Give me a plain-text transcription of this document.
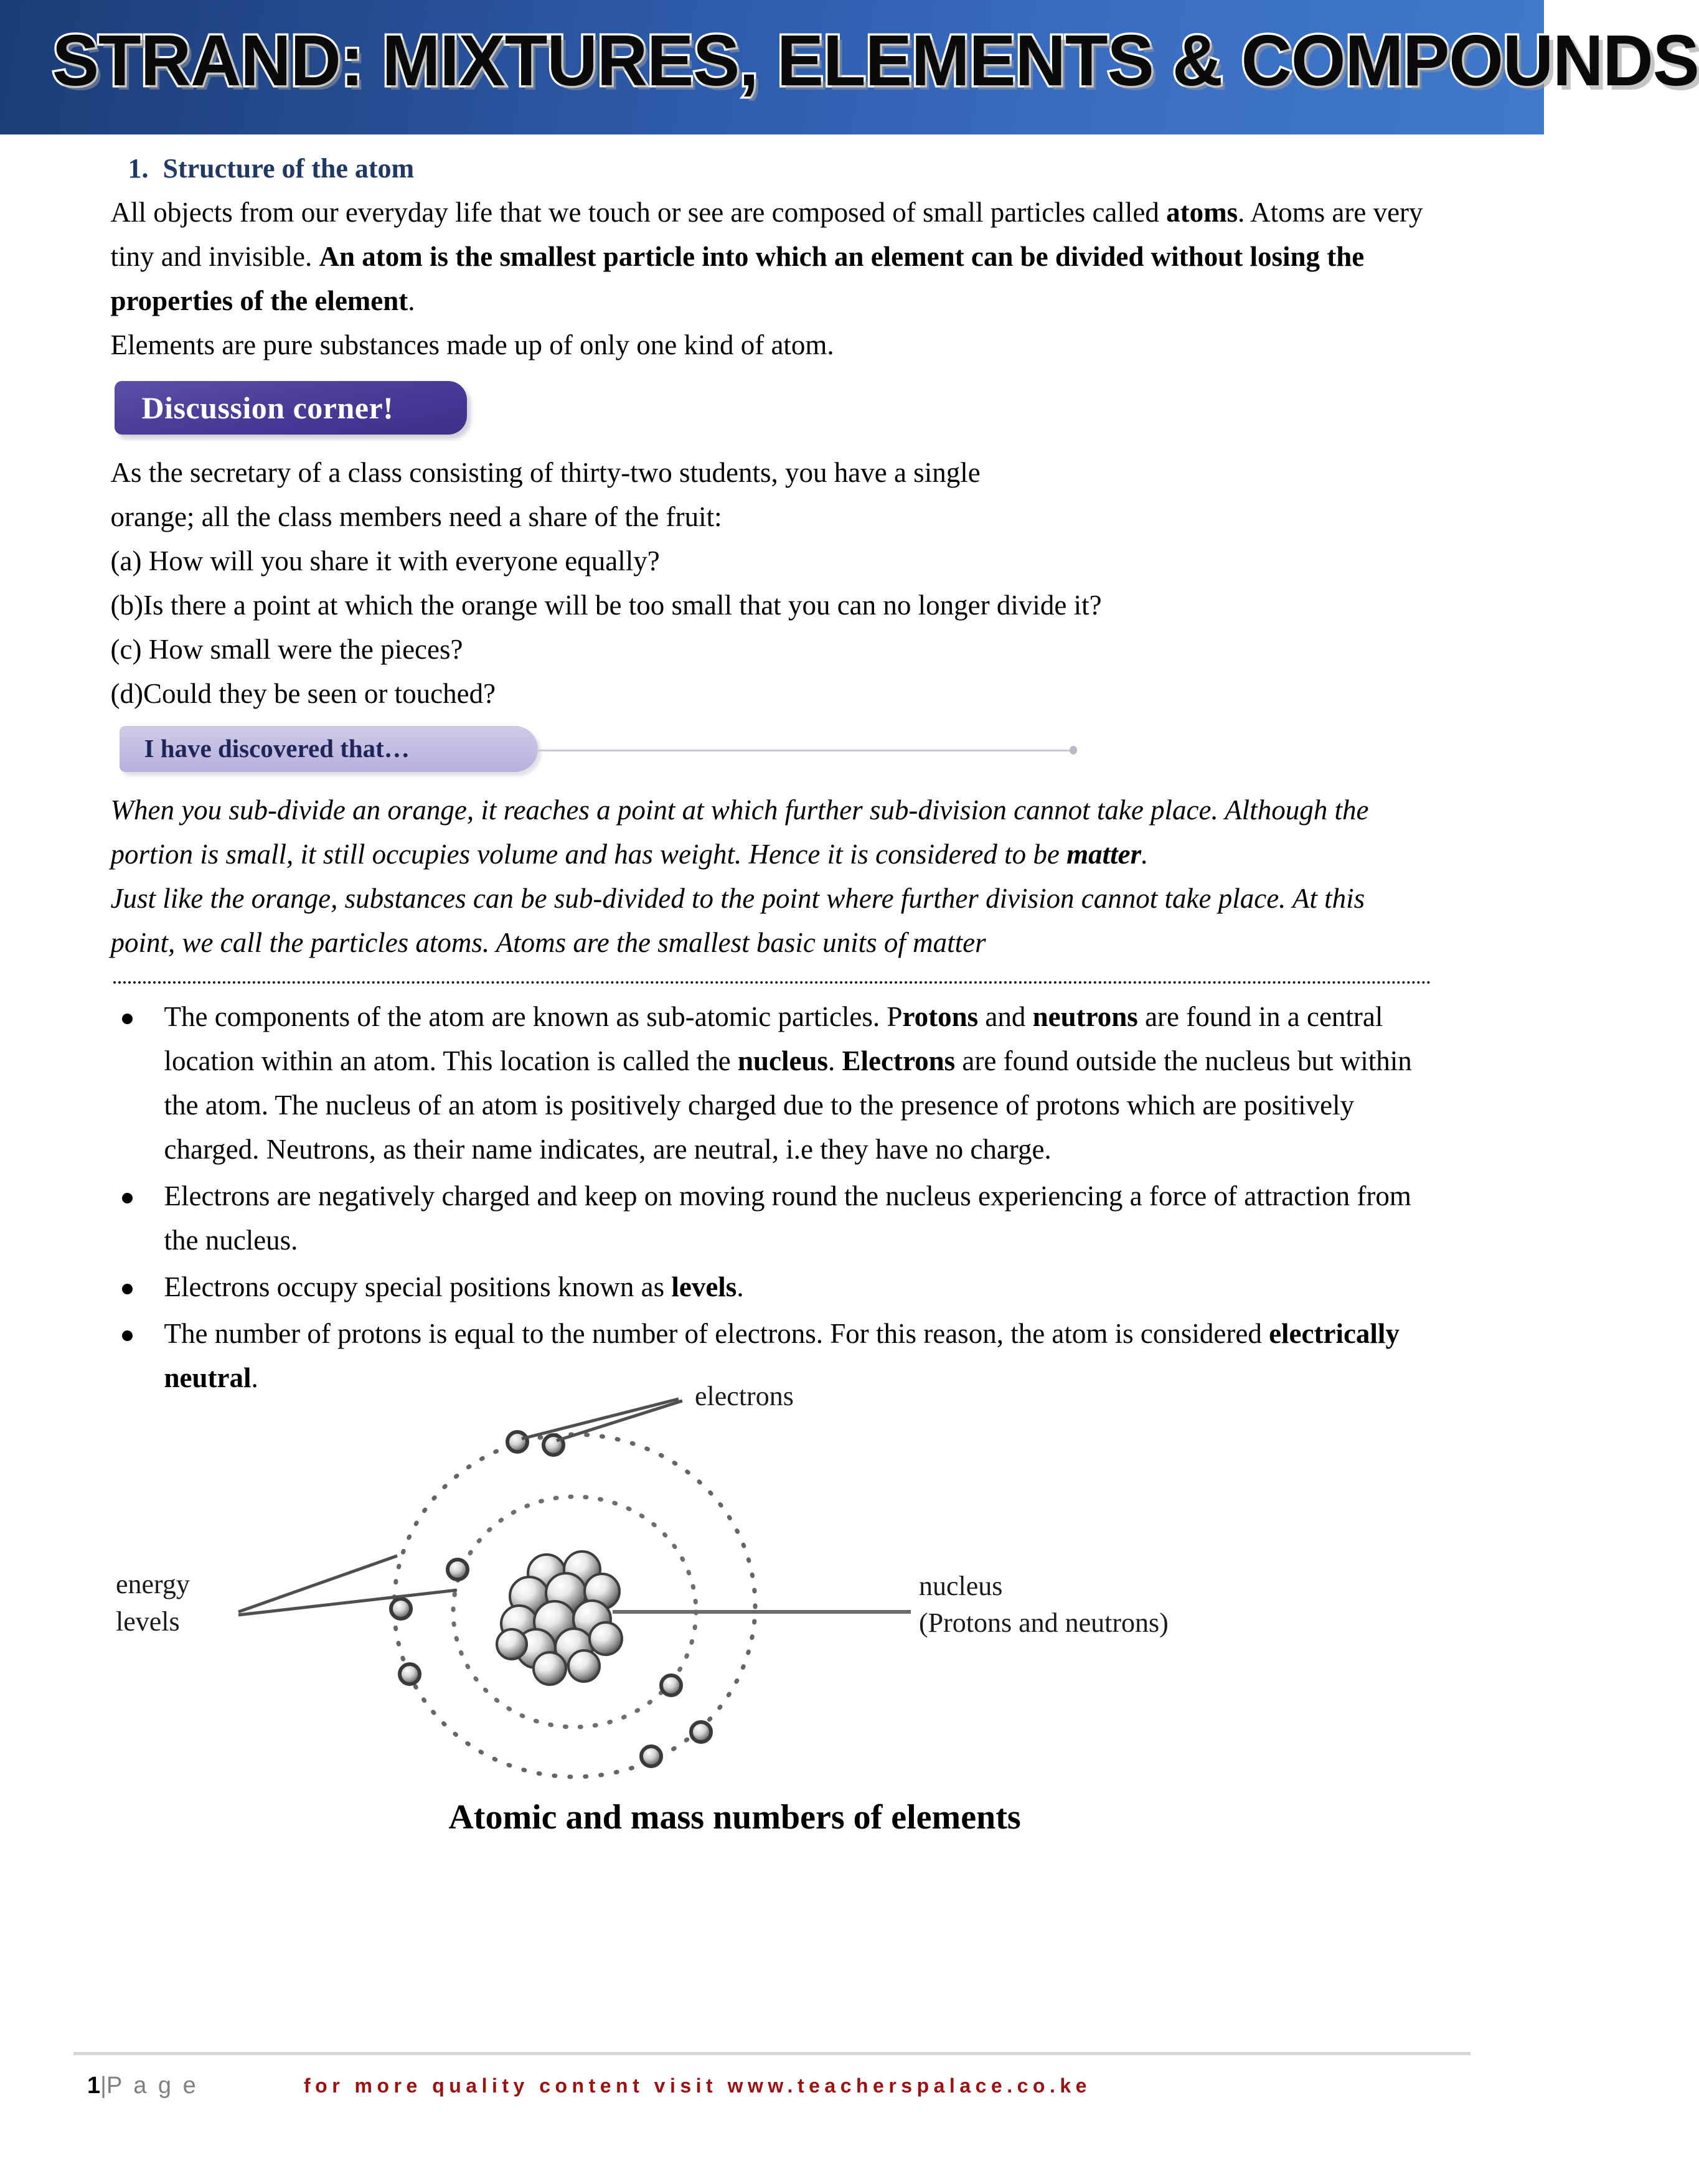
STRAND: MIXTURES, ELEMENTS & COMPOUNDS
1. Structure of the atom

All objects from our everyday life that we touch or see are composed of small particles called atoms. Atoms are very tiny and invisible. An atom is the smallest particle into which an element can be divided without losing the properties of the element.

Elements are pure substances made up of only one kind of atom.

Discussion corner!

As the secretary of a class consisting of thirty-two students, you have a single

orange; all the class members need a share of the fruit:

(a) How will you share it with everyone equally?

(b)Is there a point at which the orange will be too small that you can no longer divide it?

(c) How small were the pieces?

(d)Could they be seen or touched?

I have discovered that…

When you sub-divide an orange, it reaches a point at which further sub-division cannot take place. Although the portion is small, it still occupies volume and has weight. Hence it is considered to be matter.

Just like the orange, substances can be sub-divided to the point where further division cannot take place. At this point, we call the particles atoms. Atoms are the smallest basic units of matter

The components of the atom are known as sub-atomic particles. Protons and neutrons are found in a central location within an atom. This location is called the nucleus. Electrons are found outside the nucleus but within the atom. The nucleus of an atom is positively charged due to the presence of protons which are positively charged. Neutrons, as their name indicates, are neutral, i.e they have no charge.
Electrons are negatively charged and keep on moving round the nucleus experiencing a force of attraction from the nucleus.
Electrons occupy special positions known as levels.
The number of protons is equal to the number of electrons. For this reason, the atom is considered electrically neutral.
electrons
energy
levels
nucleus
(Protons and neutrons)

Atomic and mass numbers of elements

1|P a g e	for more quality content visit www.teacherspalace.co.ke
